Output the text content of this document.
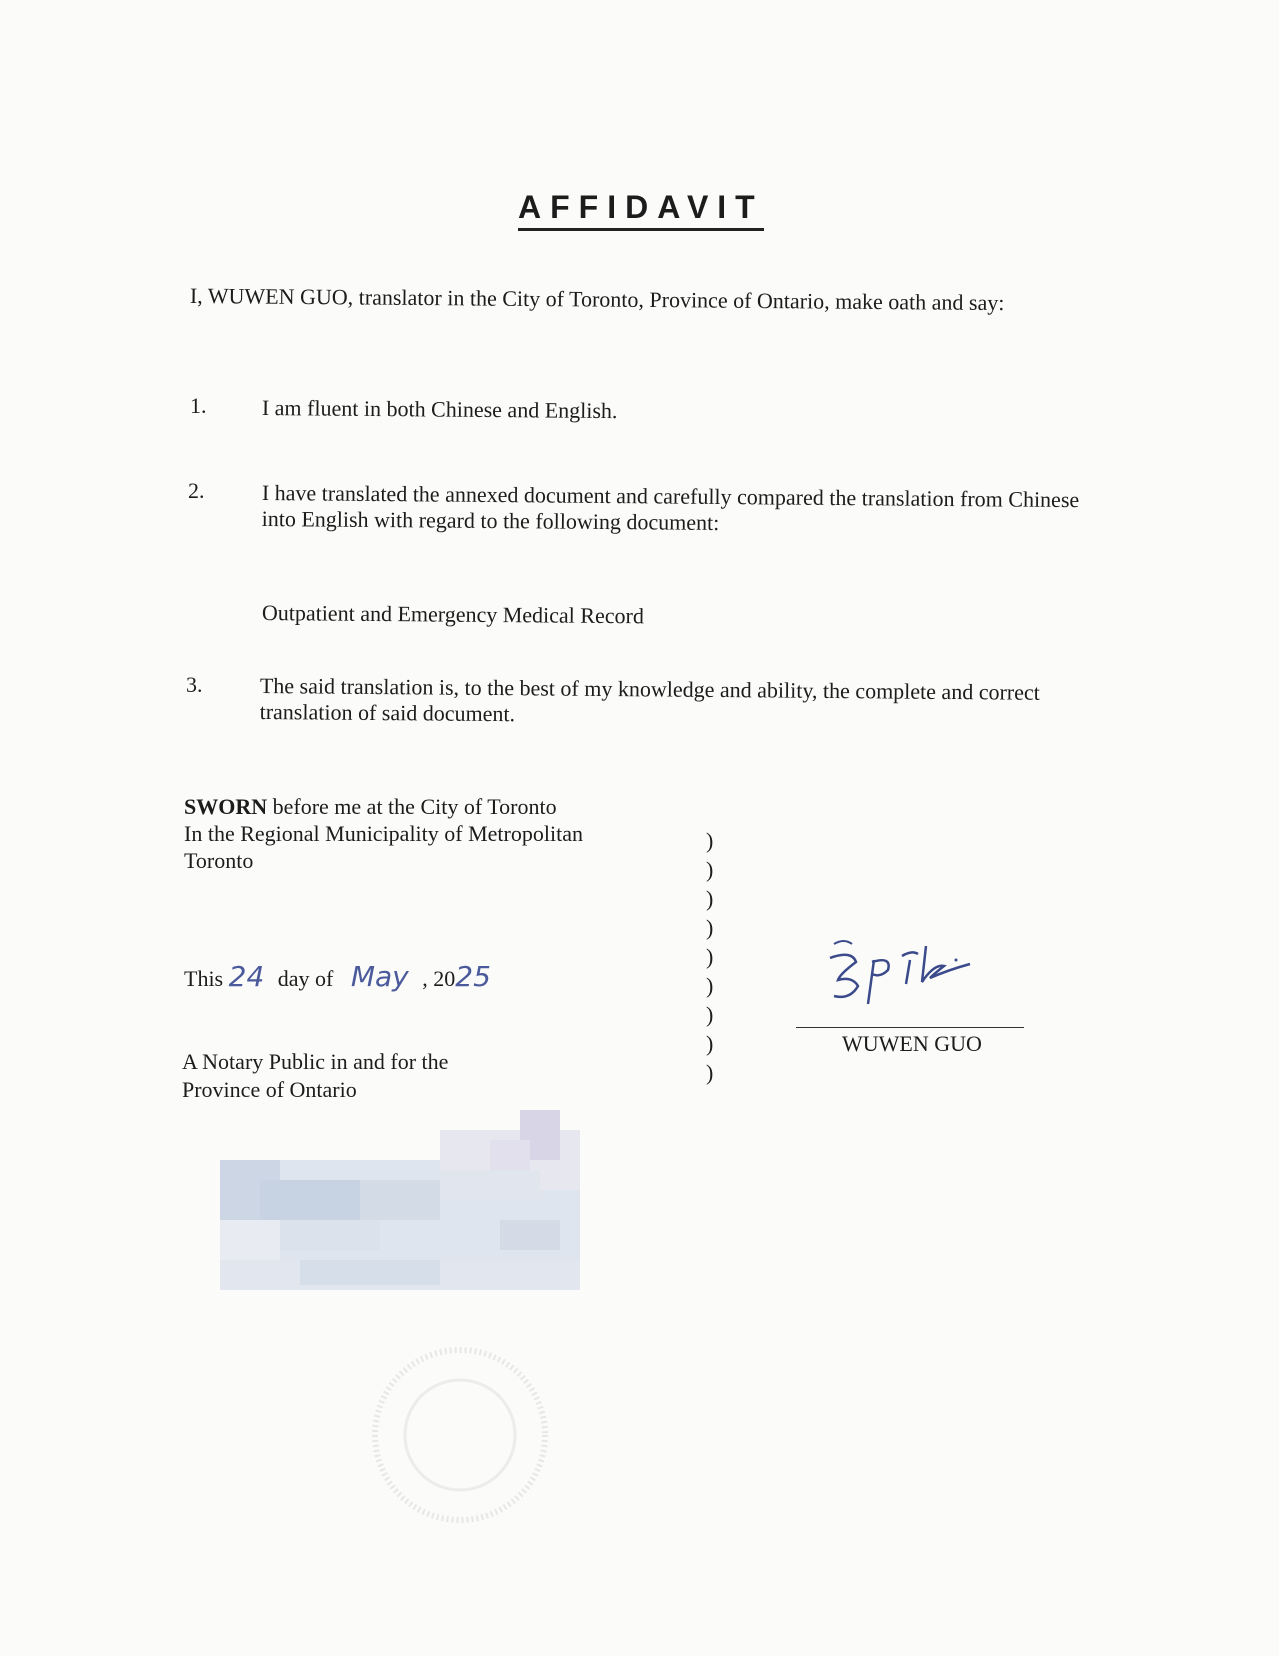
AFFIDAVIT
I, WUWEN GUO, translator in the City of Toronto, Province of Ontario, make oath and say:
1.	I am fluent in both Chinese and English.
2.	I have translated the annexed document and carefully compared the translation from Chinese into English with regard to the following document:
Outpatient and Emergency Medical Record
3.	The said translation is, to the best of my knowledge and ability, the complete and correct translation of said document.
SWORN before me at the City of Toronto
In the Regional Municipality of Metropolitan
Toronto
)
)
)
)
)
)
)
)
)
This 24 day of May , 2025
A Notary Public in and for the
Province of Ontario
WUWEN GUO
